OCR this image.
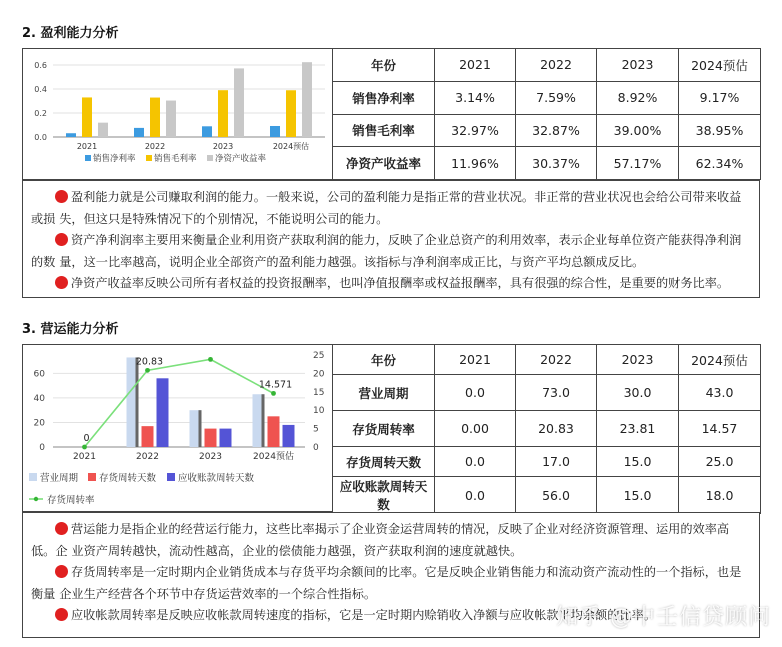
2. 盈利能力分析
0.0
0.2
0.4
0.6
2021	2022	2023	2024预估
销售净利率 销售毛利率 净资产收益率
年份	2021	2022	2023	2024预估
销售净利率	3.14%	7.59%	8.92%	9.17%
销售毛利率	32.97%	32.87%	39.00%	38.95%
净资产收益率	11.96%	30.37%	57.17%	62.34%

盈利能力就是公司赚取利润的能力。一般来说，公司的盈利能力是指正常的营业状况。非正常的营业状况也会给公司带来收益或损 失，但这只是特殊情况下的个别情况，不能说明公司的能力。

资产净利润率主要用来衡量企业利用资产获取利润的能力，反映了企业总资产的利用效率，表示企业每单位资产能获得净利润的数 量，这一比率越高，说明企业全部资产的盈利能力越强。该指标与净利润率成正比，与资产平均总额成反比。

净资产收益率反映公司所有者权益的投资报酬率，也叫净值报酬率或权益报酬率，具有很强的综合性，是重要的财务比率。

3. 营运能力分析
0
20
40
60
0
5
10
15
20
25
2021	2022	2023	2024预估
0
20.83
14.571
营业周期 存货周转天数 应收账款周转天数
存货周转率
年份	2021	2022	2023	2024预估
营业周期	0.0	73.0	30.0	43.0
存货周转率	0.00	20.83	23.81	14.57
存货周转天数	0.0	17.0	15.0	25.0
应收账款周转天数	0.0	56.0	15.0	18.0

营运能力是指企业的经营运行能力，这些比率揭示了企业资金运营周转的情况，反映了企业对经济资源管理、运用的效率高低。企 业资产周转越快，流动性越高，企业的偿债能力越强，资产获取利润的速度就越快。

存货周转率是一定时期内企业销货成本与存货平均余额间的比率。它是反映企业销售能力和流动资产流动性的一个指标，也是衡量 企业生产经营各个环节中存货运营效率的一个综合性指标。

应收帐款周转率是反映应收帐款周转速度的指标，它是一定时期内赊销收入净额与应收帐款平均余额的比率。

知乎 @中壬信贷顾问
